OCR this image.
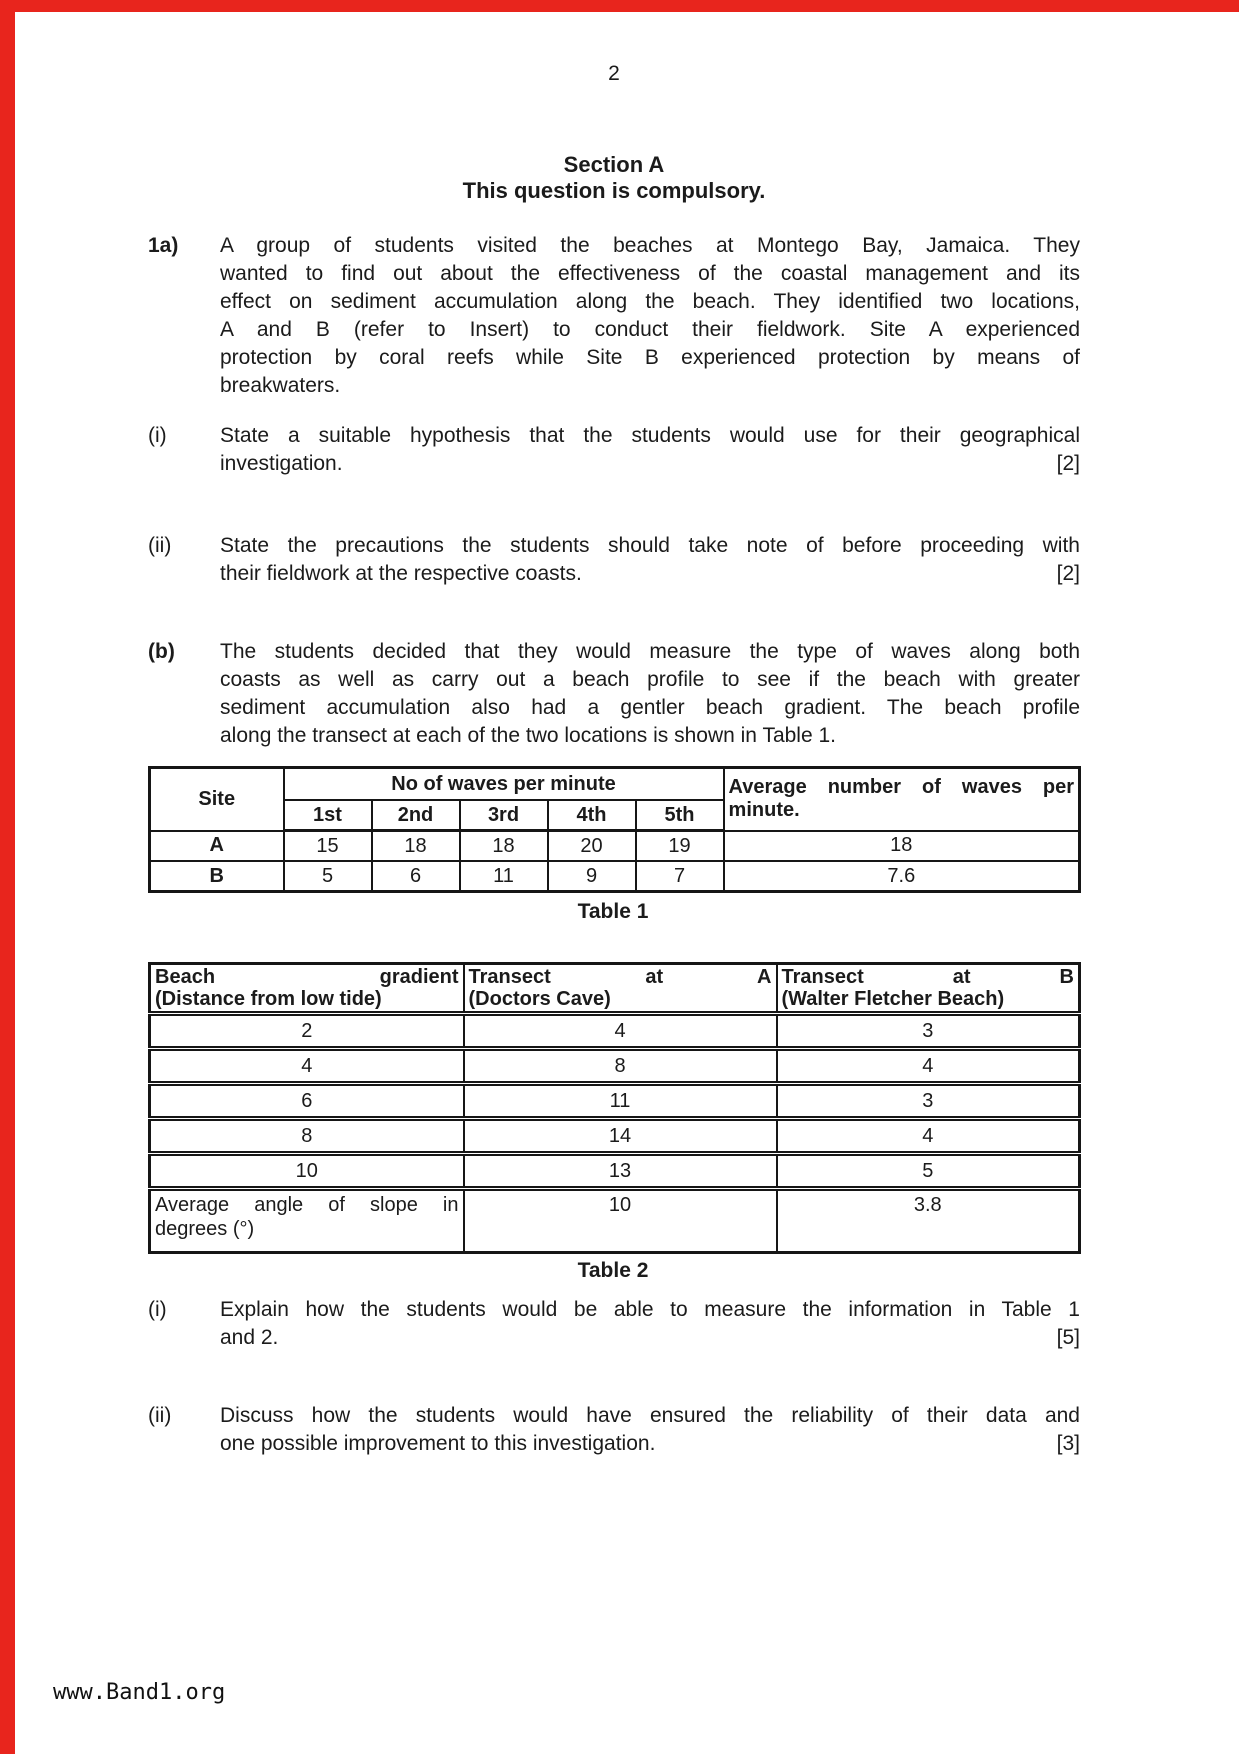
2
Section A
This question is compulsory.
1a) A group of students visited the beaches at Montego Bay, Jamaica. They
wanted to find out about the effectiveness of the coastal management and its
effect on sediment accumulation along the beach. They identified two locations,
A and B (refer to Insert) to conduct their fieldwork. Site A experienced
protection by coral reefs while Site B experienced protection by means of
breakwaters.
(i)	State a suitable hypothesis that the students would use for their geographical
investigation.	[2]
(ii) State the precautions the students should take note of before proceeding with
their fieldwork at the respective coasts.	[2]
(b) The students decided that they would measure the type of waves along both
coasts as well as carry out a beach profile to see if the beach with greater
sediment accumulation also had a gentler beach gradient. The beach profile
along the transect at each of the two locations is shown in Table 1.
Site	No of waves per minute					Average number of waves per
minute.

	1st	2nd	3rd	4th	5th	
A	15	18	18	20	19	18
B	5	6	11	9	7	7.6
Table 1
Beach gradient
(Distance from low tide)

Transect at A
(Doctors Cave)

Transect at B
(Walter Fletcher Beach)

2	4	3
4	8	4
6	11	3
8	14	4
10	13	5

Average angle of slope in
degrees (°)	10	3.8
Table 2
(i)	Explain how the students would be able to measure the information in Table 1
and 2.	[5]
(ii) Discuss how the students would have ensured the reliability of their data and
one possible improvement to this investigation.	[3]
www.Band1.org
